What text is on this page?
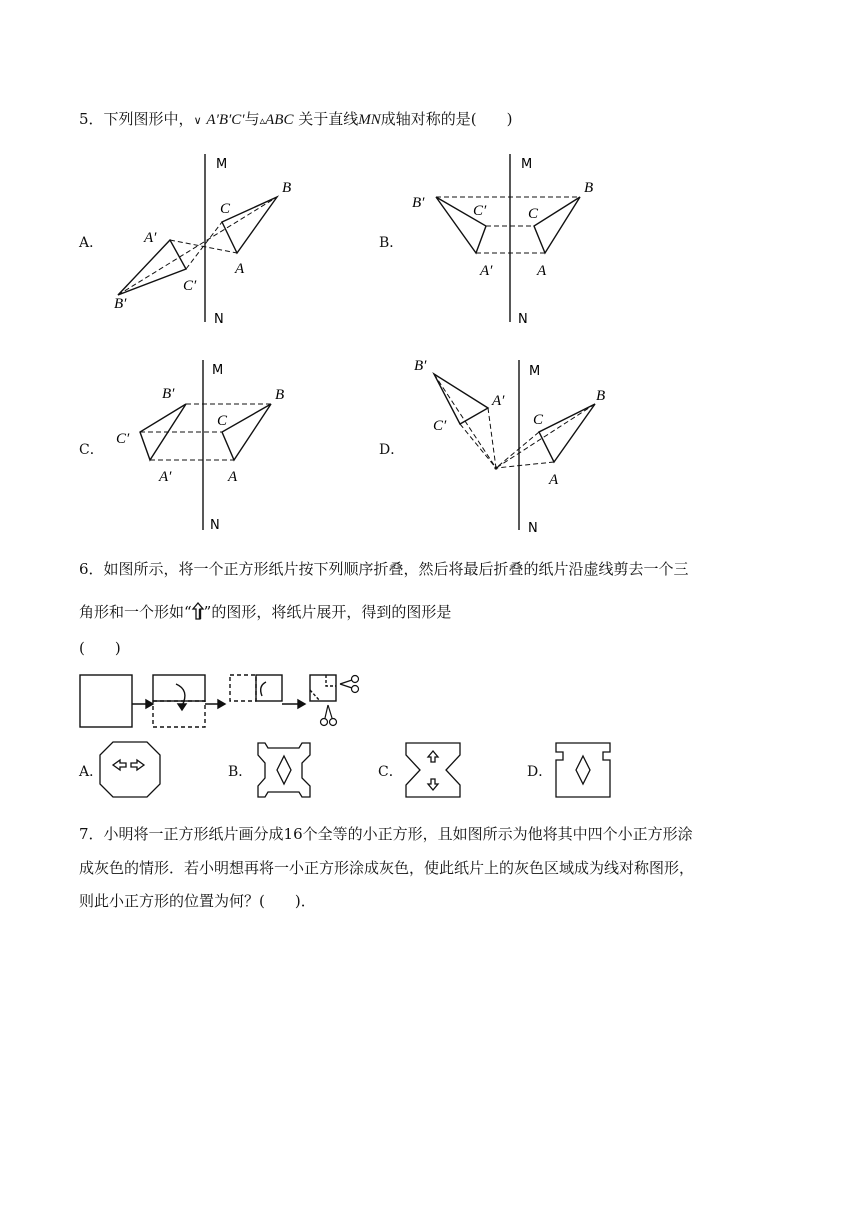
5．下列图形中，∨ A′B′C′与▵ABC 关于直线MN成轴对称的是(　　)
A．	B．
C．	D．
M
N
B
C
A
A′
C′
B′
M
N
B
B′	C′	C
A′	A
M
N
B′	B
C′
C
A′	A
M
N
B′
A′
C′
B
C
A
6．如图所示，将一个正方形纸片按下列顺序折叠，然后将最后折叠的纸片沿虚线剪去一个三
角形和一个形如“ ”的图形，将纸片展开，得到的图形是
(　　)
A．	B．	C．	D．
7．小明将一正方形纸片画分成16个全等的小正方形，且如图所示为他将其中四个小正方形涂
成灰色的情形．若小明想再将一小正方形涂成灰色，使此纸片上的灰色区域成为线对称图形，
则此小正方形的位置为何？(　　)．
